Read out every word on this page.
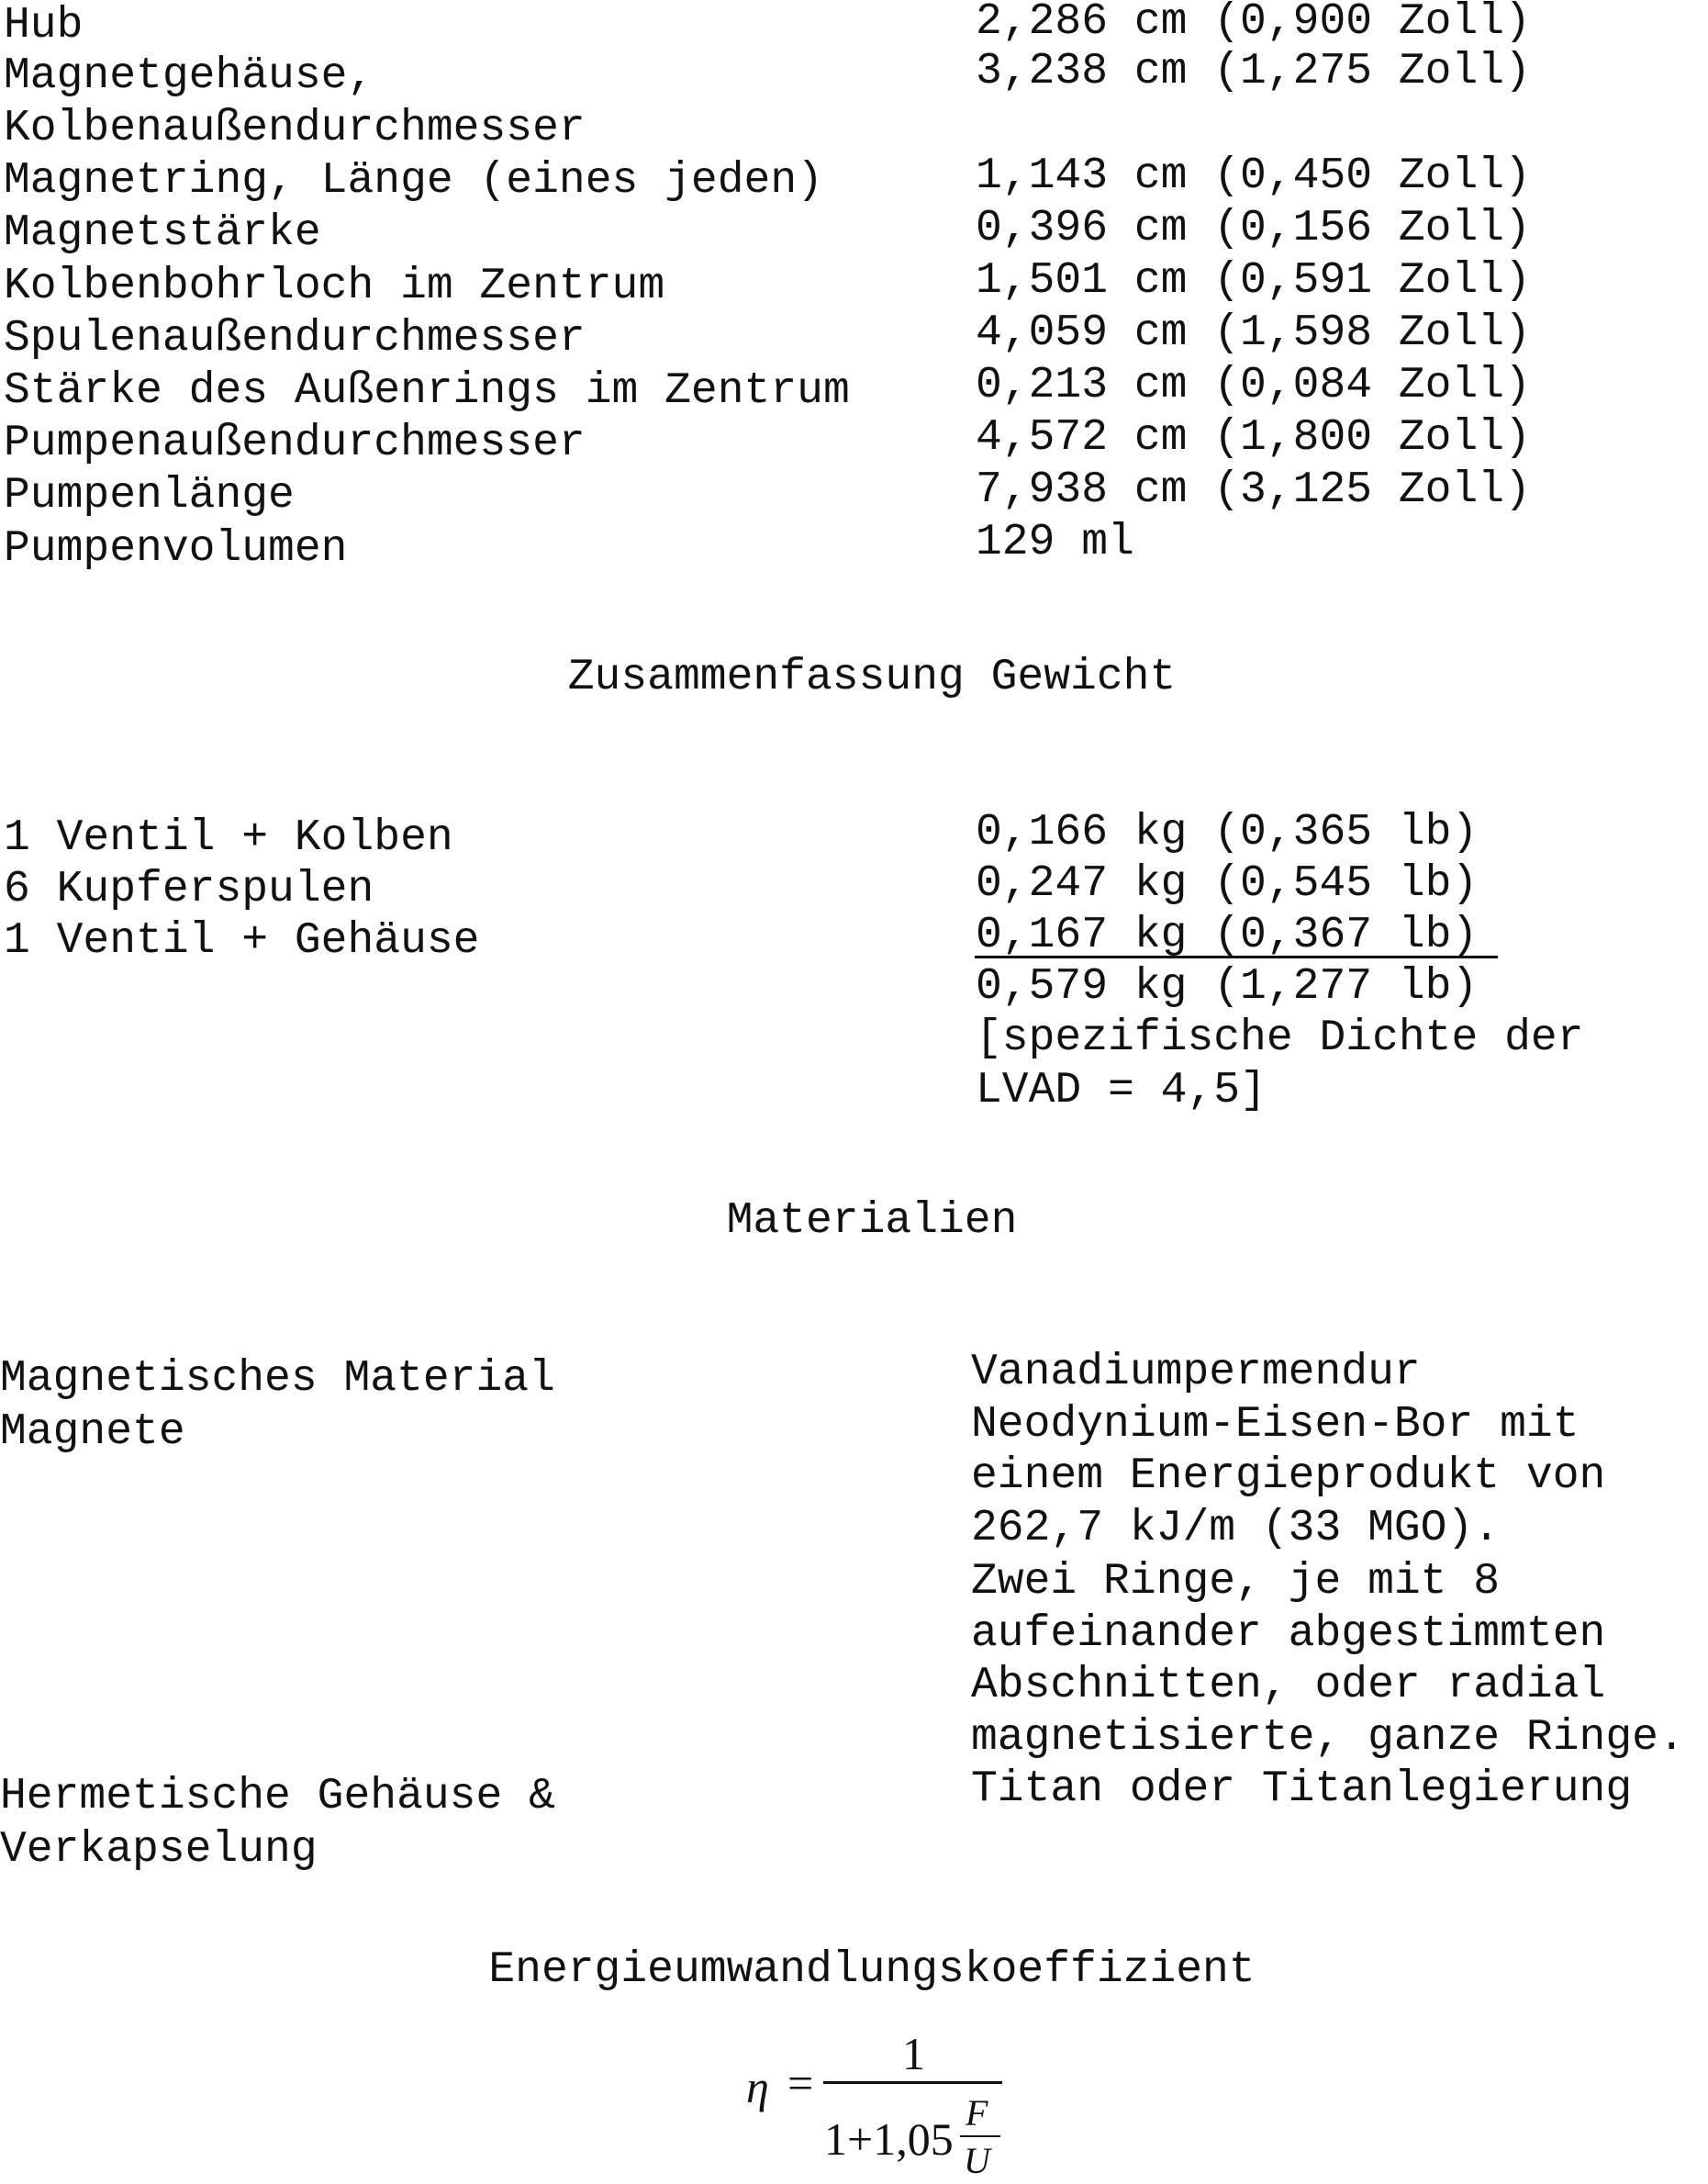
Hub	2,286 cm (0,900 Zoll)
Magnetgehäuse,	3,238 cm (1,275 Zoll)
Kolbenaußendurchmesser
Magnetring, Länge (eines jeden)	1,143 cm (0,450 Zoll)
Magnetstärke	0,396 cm (0,156 Zoll)
Kolbenbohrloch im Zentrum	1,501 cm (0,591 Zoll)
Spulenaußendurchmesser	4,059 cm (1,598 Zoll)
Stärke des Außenrings im Zentrum	0,213 cm (0,084 Zoll)
Pumpenaußendurchmesser	4,572 cm (1,800 Zoll)
Pumpenlänge	7,938 cm (3,125 Zoll)
Pumpenvolumen	129 ml
Zusammenfassung Gewicht
1 Ventil + Kolben	0,166 kg (0,365 lb)
6 Kupferspulen	0,247 kg (0,545 lb)
1 Ventil + Gehäuse	0,167 kg (0,367 lb)
0,579 kg (1,277 lb)
[spezifische Dichte der
LVAD = 4,5]
Materialien
Magnetisches Material
Magnete
Hermetische Gehäuse &
Verkapselung
Vanadiumpermendur
Neodynium-Eisen-Bor mit
einem Energieprodukt von
262,7 kJ/m (33 MGO).
Zwei Ringe, je mit 8
aufeinander abgestimmten
Abschnitten, oder radial
magnetisierte, ganze Ringe.
Titan oder Titanlegierung
Energieumwandlungskoeffizient
η =
1
1+1,05
F
U
